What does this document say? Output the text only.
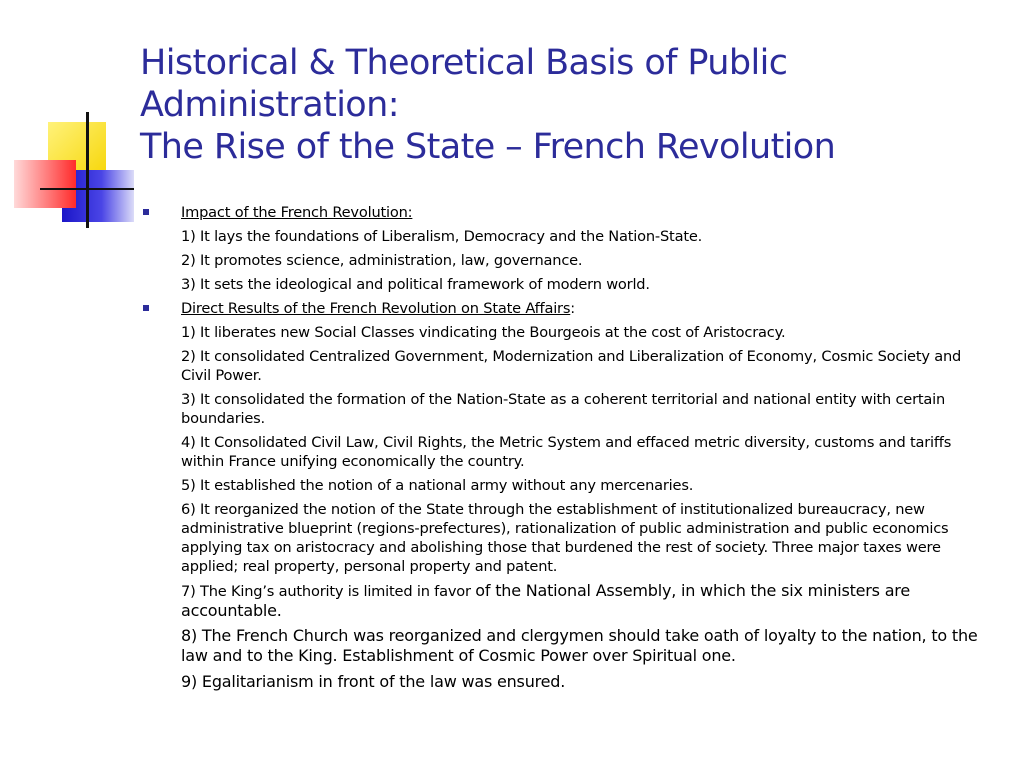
Historical & Theoretical Basis of Public
Administration:
The Rise of the State – French Revolution
Impact of the French Revolution:
1) It lays the foundations of Liberalism, Democracy and the Nation-State.
2) It promotes science, administration, law, governance.
3) It sets the ideological and political framework of modern world.
Direct Results of the French Revolution on State Affairs:
1) It liberates new Social Classes vindicating the Bourgeois at the cost of Aristocracy.
2) It consolidated Centralized Government, Modernization and Liberalization of Economy, Cosmic Society and Civil Power.
3) It consolidated the formation of the Nation-State as a coherent territorial and national entity with certain boundaries.
4) It Consolidated Civil Law, Civil Rights, the Metric System and effaced metric diversity, customs and tariffs within France unifying economically the country.
5) It established the notion of a national army without any mercenaries.
6) It reorganized the notion of the State through the establishment of institutionalized bureaucracy, new administrative blueprint (regions-prefectures), rationalization of public administration and public economics applying tax on aristocracy and abolishing those that burdened the rest of society. Three major taxes were applied; real property, personal property and patent.
7) The King’s authority is limited in favor of the National Assembly, in which the six ministers are accountable.
8) The French Church was reorganized and clergymen should take oath of loyalty to the nation, to the law and to the King. Establishment of Cosmic Power over Spiritual one.
9) Egalitarianism in front of the law was ensured.
